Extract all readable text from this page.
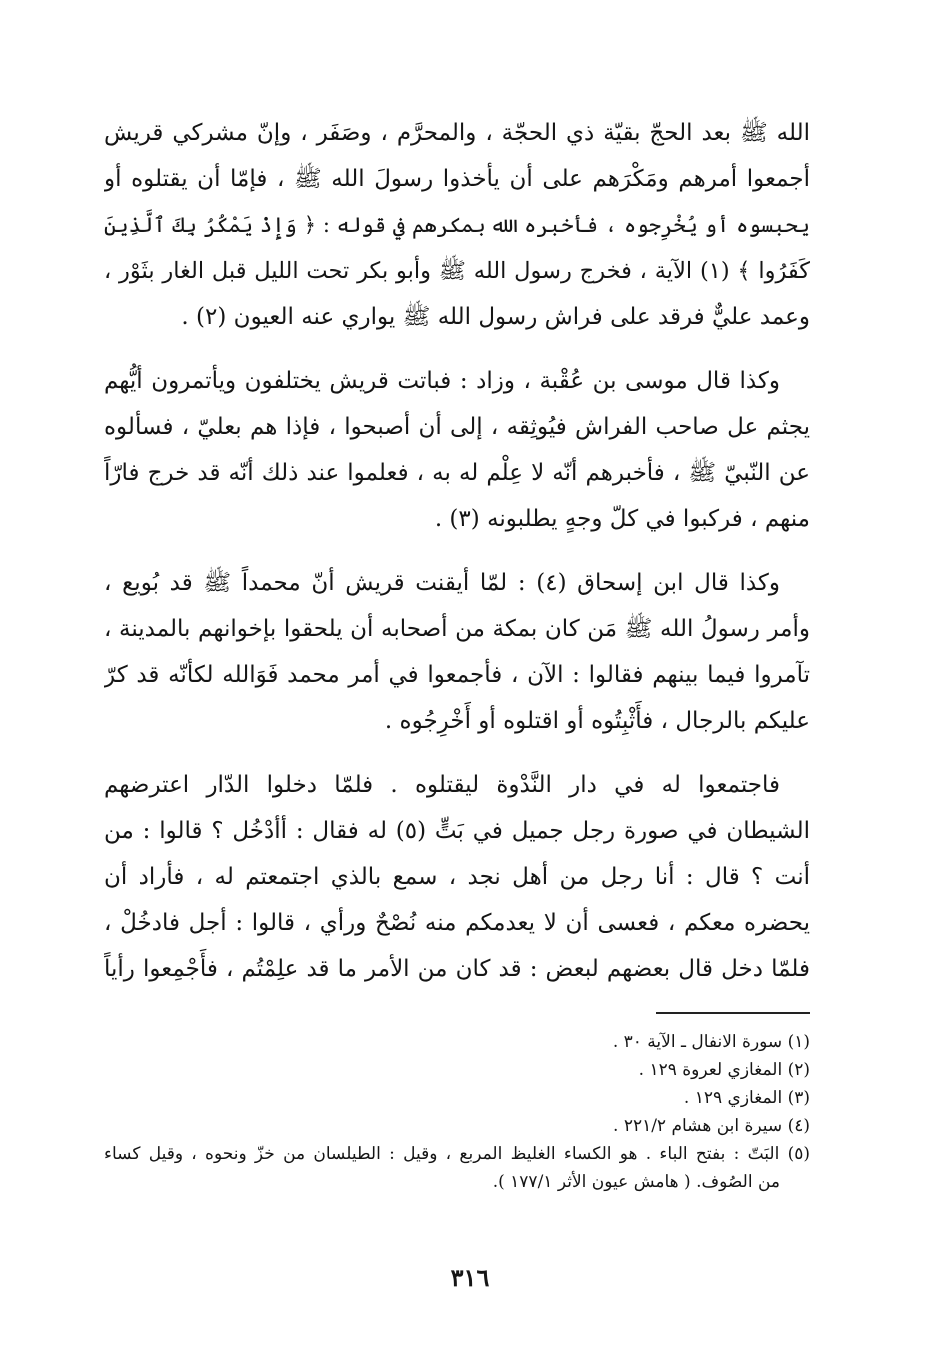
الله ﷺ بعد الحجّ بقيّة ذي الحجّة ، والمحرَّم ، وصَفَر ، وإنّ مشركي قريش
أجمعوا أمرهم ومَكْرَهم على أن يأخذوا رسولَ الله ﷺ ، فإمّا أن يقتلوه أو
يحبسوه أو يُخْرِجوه ، فأخبره الله بمكرهم في قوله : ﴿ وَإِذْ يَمْكُرُ بِكَ ٱلَّذِينَ
كَفَرُوا ﴾ (١) الآية ، فخرج رسول الله ﷺ وأبو بكر تحت الليل قبل الغار بثَوْر ،
وعمد عليٌّ فرقد على فراش رسول الله ﷺ يواري عنه العيون (٢) .
وكذا قال موسى بن عُقْبة ، وزاد : فباتت قريش يختلفون ويأتمرون أيُّهم
يجثم عل صاحب الفراش فيُوثِقه ، إلى أن أصبحوا ، فإذا هم بعليّ ، فسألوه
عن النّبيّ ﷺ ، فأخبرهم أنّه لا عِلْم له به ، فعلموا عند ذلك أنّه قد خرج فارّاً
منهم ، فركبوا في كلّ وجهٍ يطلبونه (٣) .
وكذا قال ابن إسحاق (٤) : لمّا أيقنت قريش أنّ محمداً ﷺ قد بُويع ،
وأمر رسولُ الله ﷺ مَن كان بمكة من أصحابه أن يلحقوا بإخوانهم بالمدينة ،
تآمروا فيما بينهم فقالوا : الآن ، فأجمعوا في أمر محمد فَوَالله لكأنّه قد كرّ
عليكم بالرجال ، فأَثْبِتُوه أو اقتلوه أو أَخْرِجُوه .
فاجتمعوا له في دار النَّدْوة ليقتلوه . فلمّا دخلوا الدّار اعترضهم
الشيطان في صورة رجل جميل في بَتٍّ (٥) له فقال : أأدْخُل ؟ قالوا : من
أنت ؟ قال : أنا رجل من أهل نجد ، سمع بالذي اجتمعتم له ، فأراد أن
يحضره معكم ، فعسى أن لا يعدمكم منه نُصْحٌ ورأي ، قالوا : أجل فادخُلْ ،
فلمّا دخل قال بعضهم لبعض : قد كان من الأمر ما قد علِمْتُم ، فأَجْمِعوا رأياً
(١) سورة الانفال ـ الآية ٣٠ .
(٢) المغازي لعروة ١٢٩ .
(٣) المغازي ١٢٩ .
(٤) سيرة ابن هشام ٢٢١/٢ .
(٥) البَتّ : بفتح الباء . هو الكساء الغليظ المربع ، وقيل : الطيلسان من خزّ ونحوه ، وقيل كساء
من الصُوف. ( هامش عيون الأثر ١٧٧/١ ).
٣١٦
